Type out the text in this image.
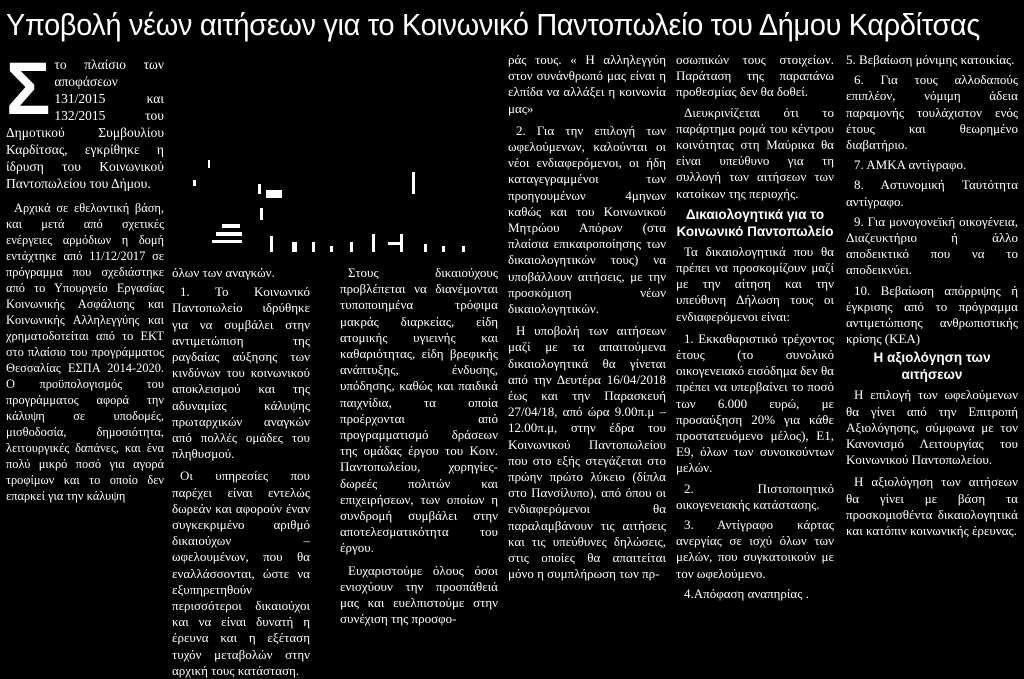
Υποβολή νέων αιτήσεων για το Κοινωνικό Παντοπωλείο του Δήμου Καρδίτσας
Σ το πλαίσιο των αποφάσεων 131/2015 και 132/2015 του Δημοτικού Συμβουλίου Καρδίτσας, εγκρίθηκε η ίδρυση του Κοινωνικού Παντοπωλείου του Δήμου.

Αρχικά σε εθελοντική βάση, και μετά από σχετικές ενέργειες αρμόδιων η δομή εντάχτηκε από 11/12/2017 σε πρόγραμμα που σχεδιάστηκε από το Υπουργείο Εργασίας Κοινωνικής Ασφάλισης και Κοινωνικής Αλληλεγγύης και χρηματοδοτείται από το ΕΚΤ στο πλαίσιο του προγράμματος Θεσσαλίας ΕΣΠΑ 2014-2020. Ο προϋπολογισμός του προγράμματος αφορά την κάλυψη σε υποδομές, μισθοδοσία, δημοσιότητα, λειτουργικές δαπάνες, και ένα πολύ μικρό ποσό για αγορά τροφίμων και το οποίο δεν επαρκεί για την κάλυψη

όλων των αναγκών.

1. Το Κοινωνικό Παντοπωλείο ιδρύθηκε για να συμβάλει στην αντιμετώπιση της ραγδαίας αύξησης των κινδύνων του κοινωνικού αποκλεισμού και της αδυναμίας κάλυψης πρωταρχικών αναγκών από πολλές ομάδες του πληθυσμού.

Οι υπηρεσίες που παρέχει είναι εντελώς δωρεάν και αφορούν έναν συγκεκριμένο αριθμό δικαιούχων –ωφελουμένων, που θα εναλλάσσονται, ώστε να εξυπηρετηθούν περισσότεροι δικαιούχοι και να είναι δυνατή η έρευνα και η εξέταση τυχόν μεταβολών στην αρχική τους κατάσταση.

Στους δικαιούχους προβλέπεται να διανέμονται τυποποιημένα τρόφιμα μακράς διαρκείας, είδη ατομικής υγιεινής και καθαριότητας, είδη βρεφικής ανάπτυξης, ένδυσης, υπόδησης, καθώς και παιδικά παιχνίδια, τα οποία προέρχονται από προγραμματισμό δράσεων της ομάδας έργου του Κοιν. Παντοπωλείου, χορηγίες-δωρεές πολιτών και επιχειρήσεων, των οποίων η συνδρομή συμβάλει στην αποτελεσματικότητα του έργου.

Ευχαριστούμε όλους όσοι ενισχύουν την προσπάθειά μας και ευελπιστούμε στην συνέχιση της προσφο-

ράς τους. « Η αλληλεγγύη στον συνάνθρωπό μας είναι η ελπίδα να αλλάξει η κοινωνία μας»

2. Για την επιλογή των ωφελούμενων, καλούνται οι νέοι ενδιαφερόμενοι, οι ήδη καταγεγραμμένοι των προηγουμένων 4μηνων καθώς και του Κοινωνικού Μητρώου Απόρων (στα πλαίσια επικαιροποίησης των δικαιολογητικών τους) να υποβάλλουν αιτήσεις, με την προσκόμιση νέων δικαιολογητικών.

Η υποβολή των αιτήσεων μαζί με τα απαιτούμενα δικαιολογητικά θα γίνεται από την Δευτέρα 16/04/2018 έως και την Παρασκευή 27/04/18, από ώρα 9.00π.μ – 12.00π.μ, στην έδρα του Κοινωνικού Παντοπωλείου που στο εξής στεγάζεται στο πρώην πρώτο λύκειο (δίπλα στο Πανσίλυπο), από όπου οι ενδιαφερόμενοι θα παραλαμβάνουν τις αιτήσεις και τις υπεύθυνες δηλώσεις, στις οποίες θα απαιτείται μόνο η συμπλήρωση των πρ-

οσωπικών τους στοιχείων. Παράταση της παραπάνω προθεσμίας δεν θα δοθεί.

Διευκρινίζεται ότι το παράρτημα ρομά του κέντρου κοινότητας στη Μαύρικα θα είναι υπεύθυνο για τη συλλογή των αιτήσεων των κατοίκων της περιοχής.

Δικαιολογητικά για το Κοινωνικό Παντοπωλείο

Τα δικαιολογητικά που θα πρέπει να προσκομίζουν μαζί με την αίτηση και την υπεύθυνη Δήλωση τους οι ενδιαφερόμενοι είναι:

1. Εκκαθαριστικό τρέχοντος έτους (το συνολικό οικογενειακό εισόδημα δεν θα πρέπει να υπερβαίνει το ποσό των 6.000 ευρώ, με προσαύξηση 20% για κάθε προστατευόμενο μέλος), Ε1, Ε9, όλων των συνοικούντων μελών.

2. Πιστοποιητικό οικογενειακής κατάστασης.

3. Αντίγραφο κάρτας ανεργίας σε ισχύ όλων των μελών, που συγκατοικούν με τον ωφελούμενο.

4.Απόφαση αναπηρίας .

5. Βεβαίωση μόνιμης κατοικίας.

6. Για τους αλλοδαπούς επιπλέον, νόμιμη άδεια παραμονής τουλάχιστον ενός έτους και θεωρημένο διαβατήριο.

7. ΑΜΚΑ αντίγραφο.

8. Αστυνομική Ταυτότητα αντίγραφο.

9. Για μονογονεϊκή οικογένεια, Διαζευκτήριο ή άλλο αποδεικτικό που να το αποδεικνύει.

10. Βεβαίωση απόρριψης ή έγκρισης από το πρόγραμμα αντιμετώπισης ανθρωπιστικής κρίσης (ΚΕΑ)

Η αξιολόγηση των αιτήσεων

Η επιλογή των ωφελούμενων θα γίνει από την Επιτροπή Αξιολόγησης, σύμφωνα με τον Κανονισμό Λειτουργίας του Κοινωνικού Παντοπωλείου.

Η αξιολόγηση των αιτήσεων θα γίνει με βάση τα προσκομισθέντα δικαιολογητικά και κατόπιν κοινωνικής έρευνας.
